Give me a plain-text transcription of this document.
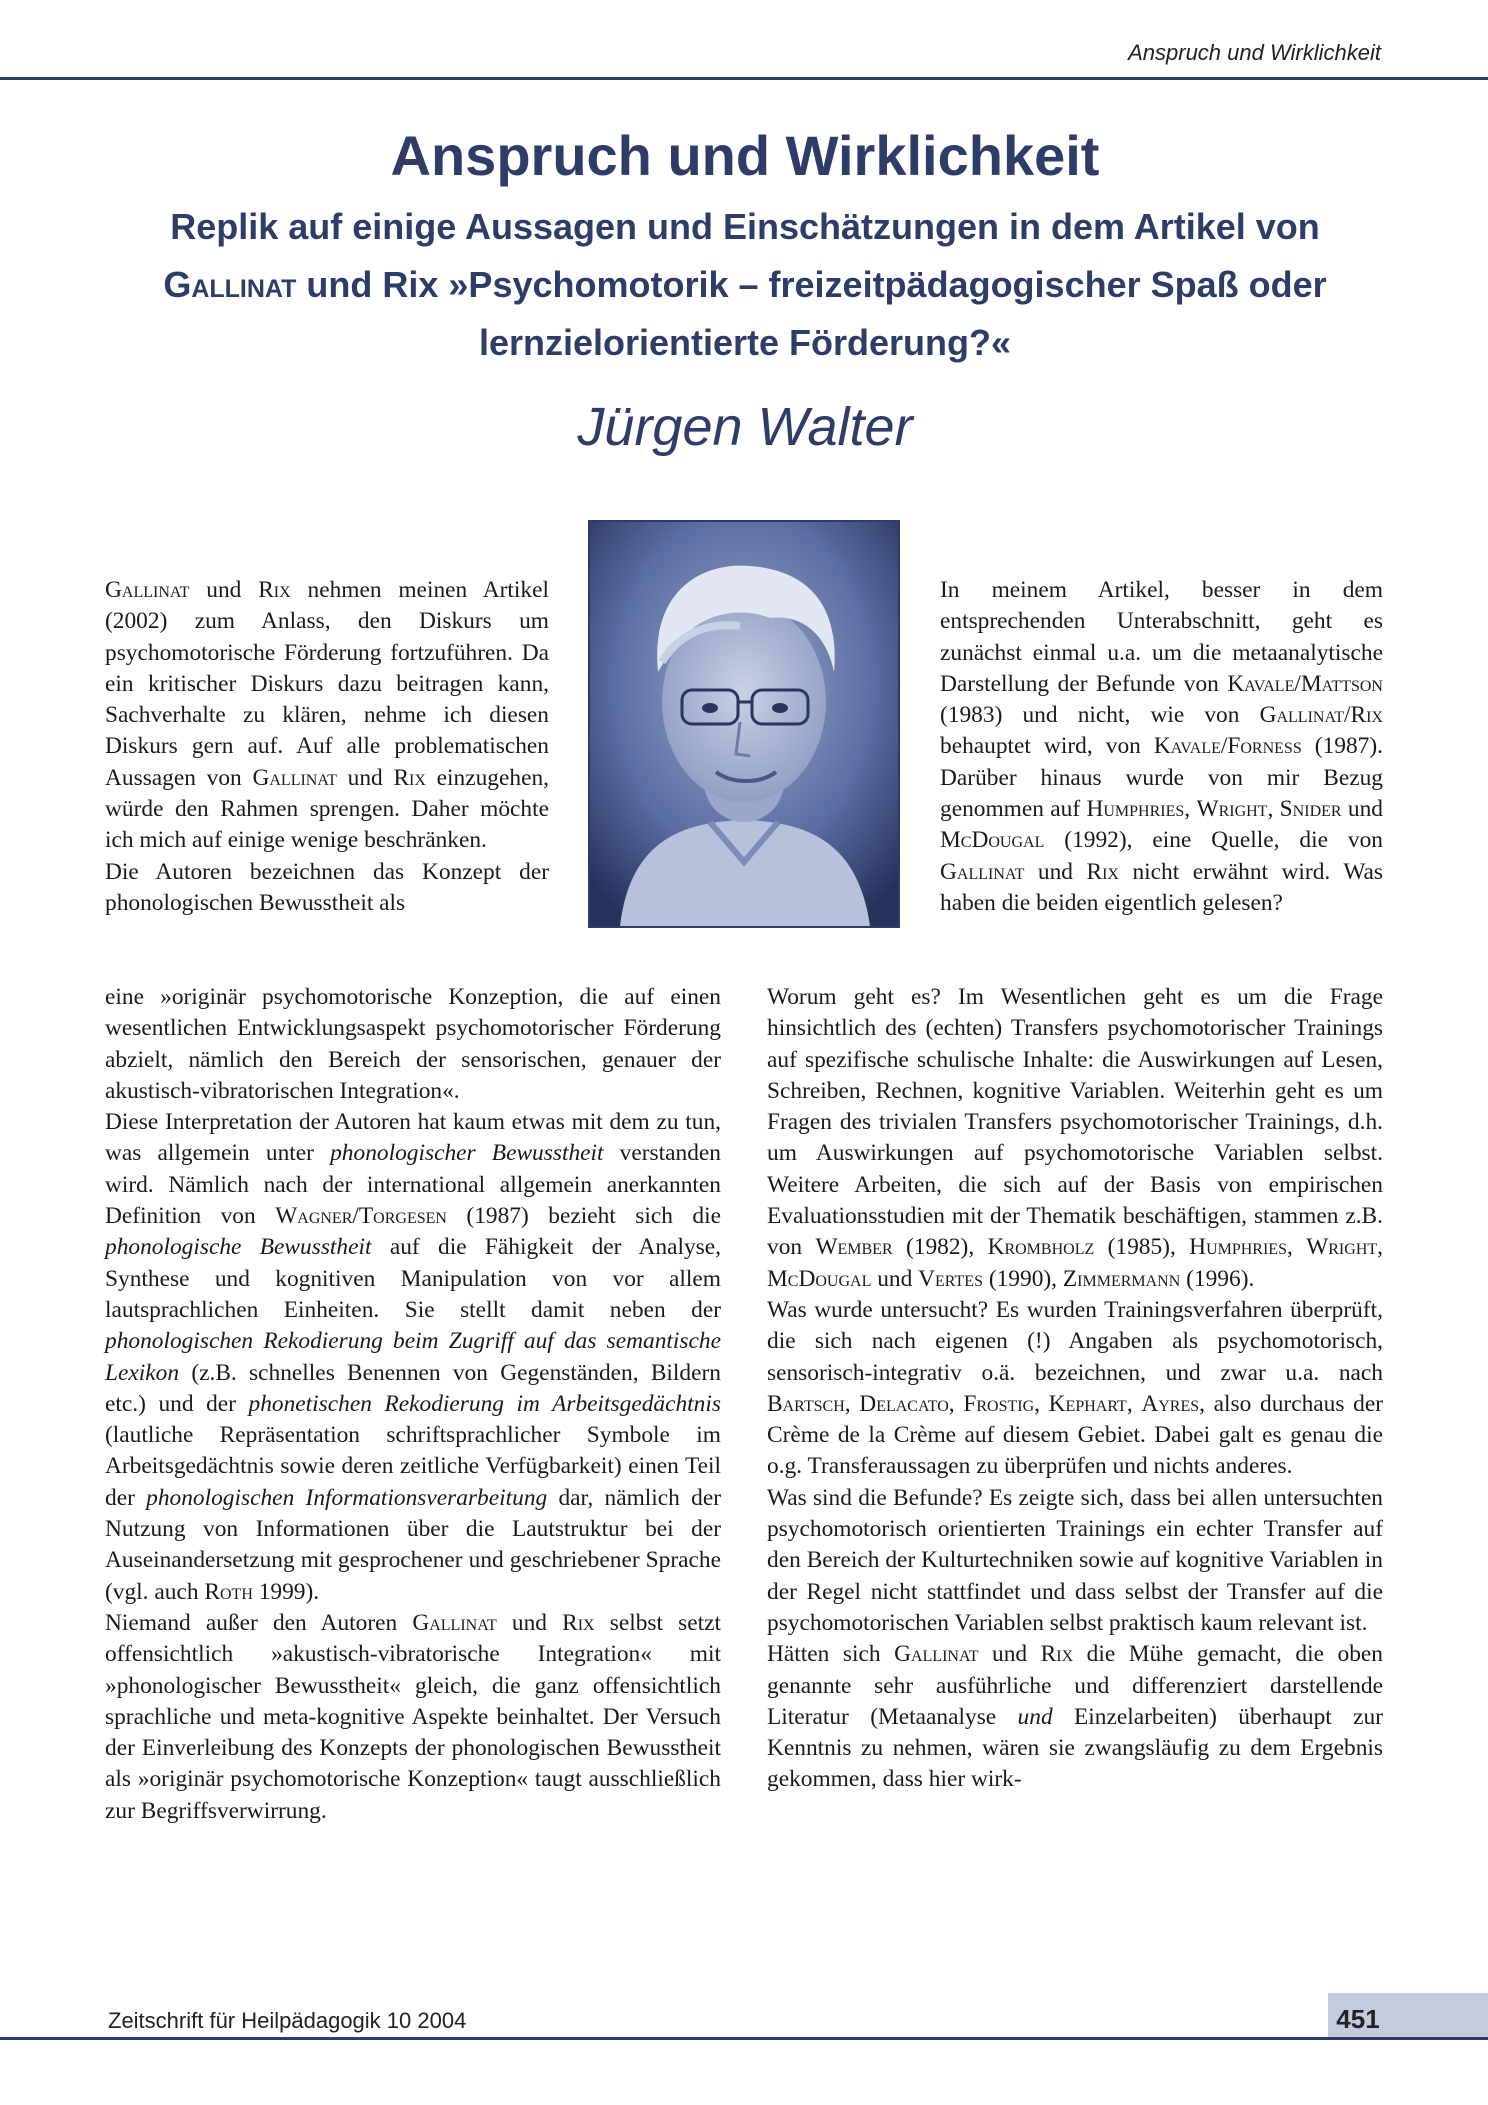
Anspruch und Wirklichkeit
Anspruch und Wirklichkeit
Replik auf einige Aussagen und Einschätzungen in dem Artikel von
Gallinat und Rix »Psychomotorik – freizeitpädagogischer Spaß oder
lernzielorientierte Förderung?«
Jürgen Walter

Gallinat und Rix nehmen meinen Artikel (2002) zum Anlass, den Diskurs um psychomotorische Förderung fortzuführen. Da ein kritischer Diskurs dazu beitragen kann, Sachverhalte zu klären, nehme ich diesen Diskurs gern auf. Auf alle problematischen Aussagen von Gallinat und Rix einzugehen, würde den Rahmen sprengen. Daher möchte ich mich auf einige wenige beschränken.

Die Autoren bezeichnen das Konzept der phonologischen Bewusstheit als

eine »originär psychomotorische Konzeption, die auf einen wesentlichen Entwicklungsaspekt psychomotorischer Förderung abzielt, nämlich den Bereich der sensorischen, genauer der akustisch-vibratorischen Integration«.

Diese Interpretation der Autoren hat kaum etwas mit dem zu tun, was allgemein unter phonologischer Bewusstheit verstanden wird. Nämlich nach der international allgemein anerkannten Definition von Wagner/Torgesen (1987) bezieht sich die phonologische Bewusstheit auf die Fähigkeit der Analyse, Synthese und kognitiven Manipulation von vor allem lautsprachlichen Einheiten. Sie stellt damit neben der phonologischen Rekodierung beim Zugriff auf das semantische Lexikon (z.B. schnelles Benennen von Gegenständen, Bildern etc.) und der phonetischen Rekodierung im Arbeitsgedächtnis (lautliche Repräsentation schriftsprachlicher Symbole im Arbeitsgedächtnis sowie deren zeitliche Verfügbarkeit) einen Teil der phonologischen Informationsverarbeitung dar, nämlich der Nutzung von Informationen über die Lautstruktur bei der Auseinandersetzung mit gesprochener und geschriebener Sprache (vgl. auch Roth 1999).

Niemand außer den Autoren Gallinat und Rix selbst setzt offensichtlich »akustisch-vibratorische Integration« mit »phonologischer Bewusstheit« gleich, die ganz offensichtlich sprachliche und meta-kognitive Aspekte beinhaltet. Der Versuch der Einverleibung des Konzepts der phonologischen Bewusstheit als »originär psychomotorische Konzeption« taugt ausschließlich zur Begriffsverwirrung.

In meinem Artikel, besser in dem entsprechenden Unterabschnitt, geht es zunächst einmal u.a. um die metaanalytische Darstellung der Befunde von Kavale/Mattson (1983) und nicht, wie von Gallinat/Rix behauptet wird, von Kavale/Forness (1987). Darüber hinaus wurde von mir Bezug genommen auf Humphries, Wright, Snider und McDougal (1992), eine Quelle, die von Gallinat und Rix nicht erwähnt wird. Was haben die beiden eigentlich gelesen?

Worum geht es? Im Wesentlichen geht es um die Frage hinsichtlich des (echten) Transfers psychomotorischer Trainings auf spezifische schulische Inhalte: die Auswirkungen auf Lesen, Schreiben, Rechnen, kognitive Variablen. Weiterhin geht es um Fragen des trivialen Transfers psychomotorischer Trainings, d.h. um Auswirkungen auf psychomotorische Variablen selbst. Weitere Arbeiten, die sich auf der Basis von empirischen Evaluationsstudien mit der Thematik beschäftigen, stammen z.B. von Wember (1982), Krombholz (1985), Humphries, Wright, McDougal und Vertes (1990), Zimmermann (1996).

Was wurde untersucht? Es wurden Trainingsverfahren überprüft, die sich nach eigenen (!) Angaben als psychomotorisch, sensorisch-integrativ o.ä. bezeichnen, und zwar u.a. nach Bartsch, Delacato, Frostig, Kephart, Ayres, also durchaus der Crème de la Crème auf diesem Gebiet. Dabei galt es genau die o.g. Transferaussagen zu überprüfen und nichts anderes.

Was sind die Befunde? Es zeigte sich, dass bei allen untersuchten psychomotorisch orientierten Trainings ein echter Transfer auf den Bereich der Kulturtechniken sowie auf kognitive Variablen in der Regel nicht stattfindet und dass selbst der Transfer auf die psychomotorischen Variablen selbst praktisch kaum relevant ist.

Hätten sich Gallinat und Rix die Mühe gemacht, die oben genannte sehr ausführliche und differenziert darstellende Literatur (Metaanalyse und Einzelarbeiten) überhaupt zur Kenntnis zu nehmen, wären sie zwangsläufig zu dem Ergebnis gekommen, dass hier wirk-

Zeitschrift für Heilpädagogik 10 2004	451
